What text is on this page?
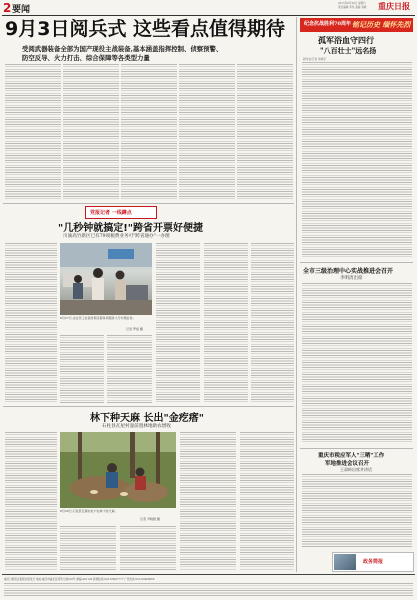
2 要闻
2015年8月29日 星期六
责任编辑 李凤 美编 刘敏 重庆日报
9月3日阅兵式 这些看点值得期待
受阅武器装备全部为国产现役主战装备,基本涵盖指挥控制、侦察预警、
防空反导、火力打击、综合保障等各类型力量
纪念抗战胜利70周年 铭记历史 缅怀先烈
孤军浴血守四行
"八百壮士"远名扬
新华社记者 李晓宇
全市三级治理中心实战推进会召开
李明清出席
重庆市税应军人"三晒"工作
军地推进会议召开
王肃岭出席并讲话
政务简报
党报记者 一线蹲点
"几秒钟就搞定!"跨省开票好便捷
川渝高竹新区已有79项税费业务可"跨省通办"一办理
8月27日,企业员工在高竹新区税务局服务大厅办理业务。
记者 罗斌 摄
林下种天麻 长出"金疙瘩"
石柱县瓦屋村壶前置林地助农增收
8月26日,石柱县瓦屋村农户在林下挖天麻。
记者 尹晓强 摄
重庆日报报业集团出版发行 地址:重庆市渝北区同茂大道416号 邮编:401120 新闻热线:023-63907777 广告热线:023-63906666
